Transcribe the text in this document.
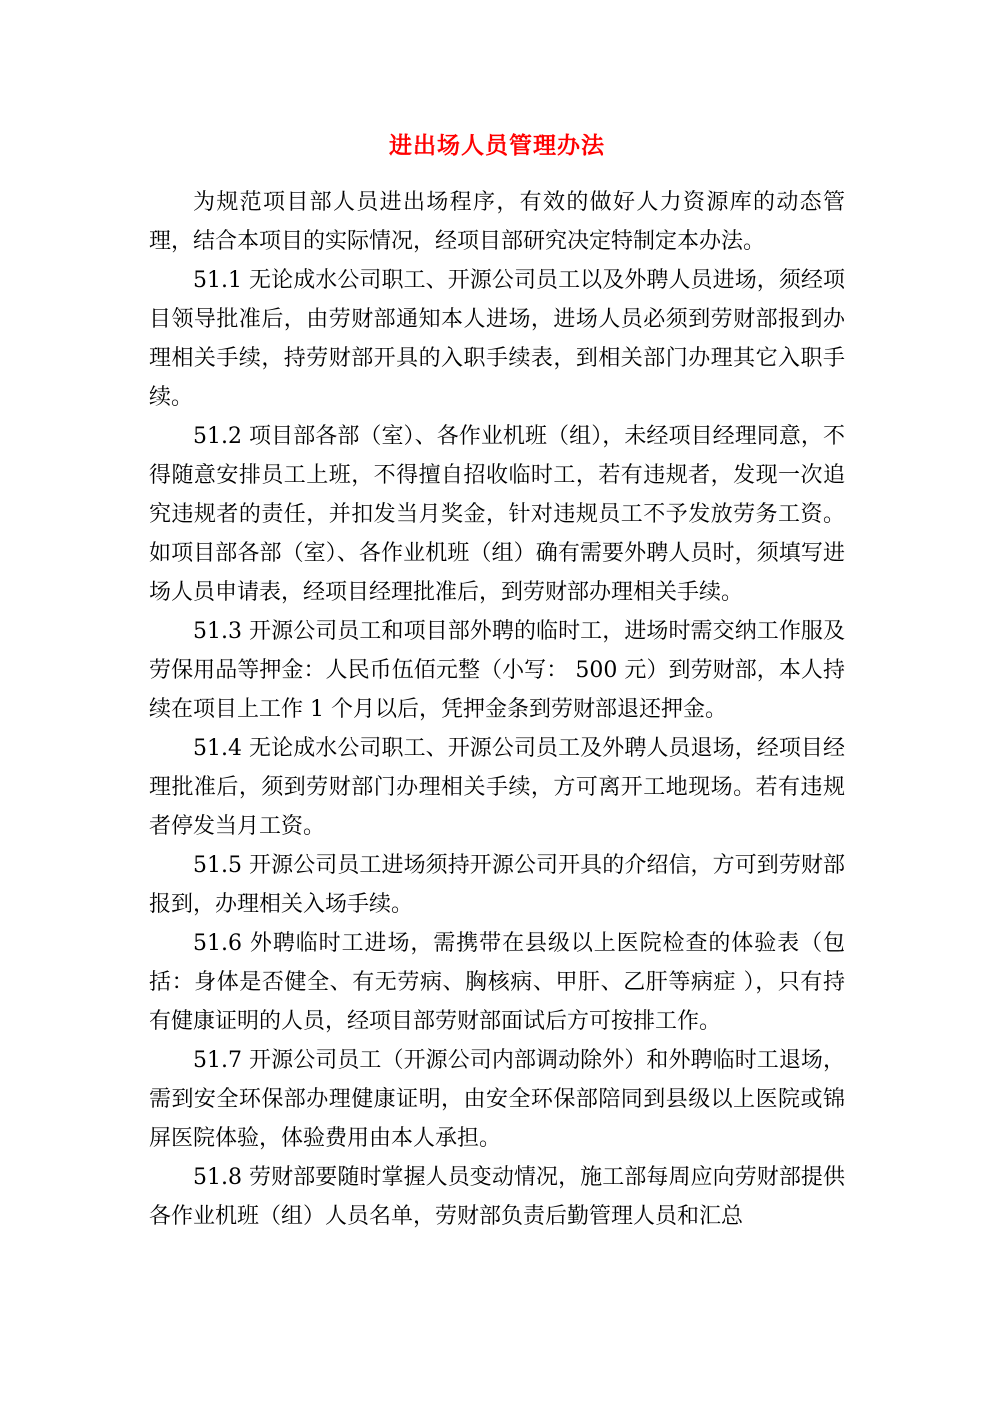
进出场人员管理办法

为规范项目部人员进出场程序，有效的做好人力资源库的动态管理，结合本项目的实际情况，经项目部研究决定特制定本办法。

51.1 无论成水公司职工、开源公司员工以及外聘人员进场，须经项目领导批准后，由劳财部通知本人进场，进场人员必须到劳财部报到办理相关手续，持劳财部开具的入职手续表，到相关部门办理其它入职手续。

51.2 项目部各部（室）、各作业机班（组），未经项目经理同意，不得随意安排员工上班，不得擅自招收临时工，若有违规者，发现一次追究违规者的责任，并扣发当月奖金，针对违规员工不予发放劳务工资。如项目部各部（室）、各作业机班（组）确有需要外聘人员时，须填写进场人员申请表，经项目经理批准后，到劳财部办理相关手续。

51.3 开源公司员工和项目部外聘的临时工，进场时需交纳工作服及劳保用品等押金：人民币伍佰元整（小写： 500 元）到劳财部，本人持续在项目上工作 1 个月以后，凭押金条到劳财部退还押金。

51.4 无论成水公司职工、开源公司员工及外聘人员退场，经项目经理批准后，须到劳财部门办理相关手续，方可离开工地现场。若有违规者停发当月工资。

51.5 开源公司员工进场须持开源公司开具的介绍信，方可到劳财部报到，办理相关入场手续。

51.6 外聘临时工进场，需携带在县级以上医院检查的体验表（包括：身体是否健全、有无劳病、胸核病、甲肝、乙肝等病症 ），只有持有健康证明的人员，经项目部劳财部面试后方可按排工作。

51.7 开源公司员工（开源公司内部调动除外）和外聘临时工退场，需到安全环保部办理健康证明，由安全环保部陪同到县级以上医院或锦屏医院体验，体验费用由本人承担。

51.8 劳财部要随时掌握人员变动情况，施工部每周应向劳财部提供各作业机班（组）人员名单，劳财部负责后勤管理人员和汇总
